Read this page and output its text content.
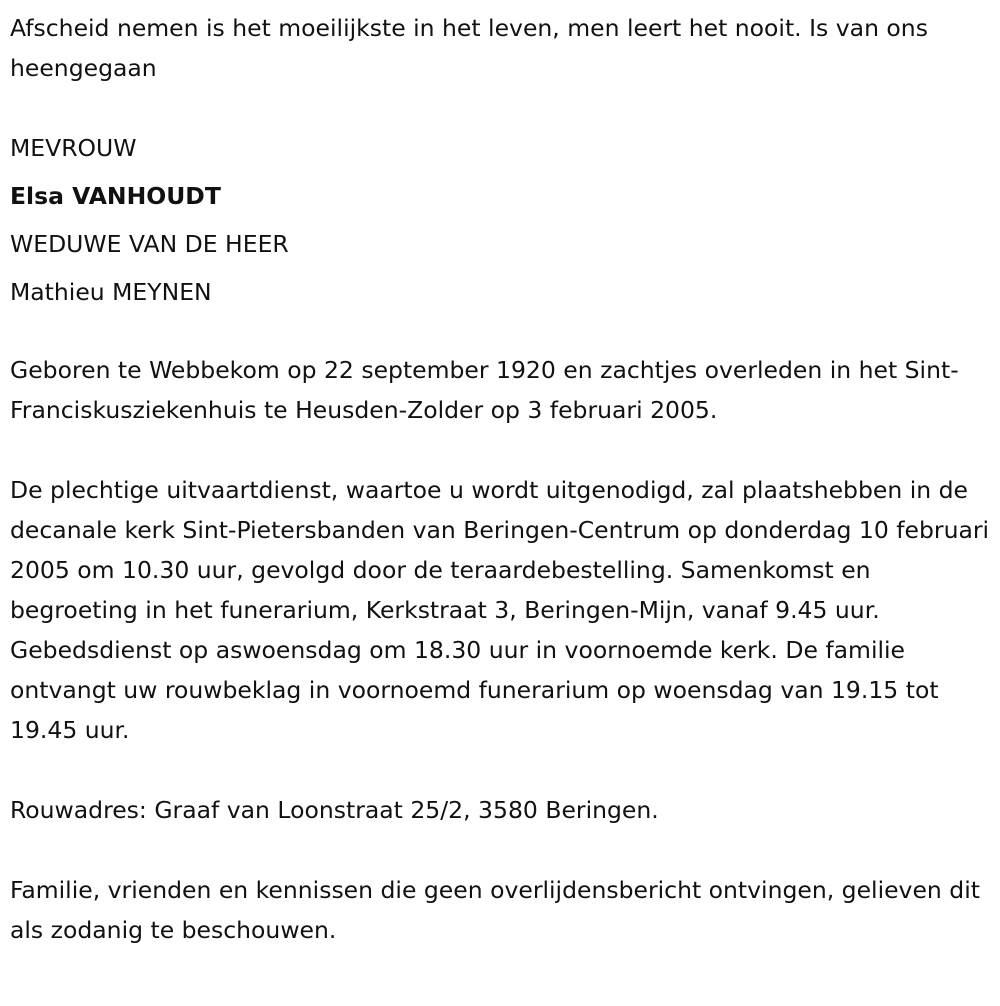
Afscheid nemen is het moeilijkste in het leven, men leert het nooit. Is van ons heengegaan

MEVROUW

Elsa VANHOUDT

WEDUWE VAN DE HEER

Mathieu MEYNEN

Geboren te Webbekom op 22 september 1920 en zachtjes overleden in het Sint-Franciskusziekenhuis te Heusden-Zolder op 3 februari 2005.

De plechtige uitvaartdienst, waartoe u wordt uitgenodigd, zal plaatshebben in de decanale kerk Sint-Pietersbanden van Beringen-Centrum op donderdag 10 februari 2005 om 10.30 uur, gevolgd door de teraardebestelling. Samenkomst en begroeting in het funerarium, Kerkstraat 3, Beringen-Mijn, vanaf 9.45 uur. Gebedsdienst op aswoensdag om 18.30 uur in voornoemde kerk. De familie ontvangt uw rouwbeklag in voornoemd funerarium op woensdag van 19.15 tot 19.45 uur.

Rouwadres: Graaf van Loonstraat 25/2, 3580 Beringen.

Familie, vrienden en kennissen die geen overlijdensbericht ontvingen, gelieven dit als zodanig te beschouwen.
